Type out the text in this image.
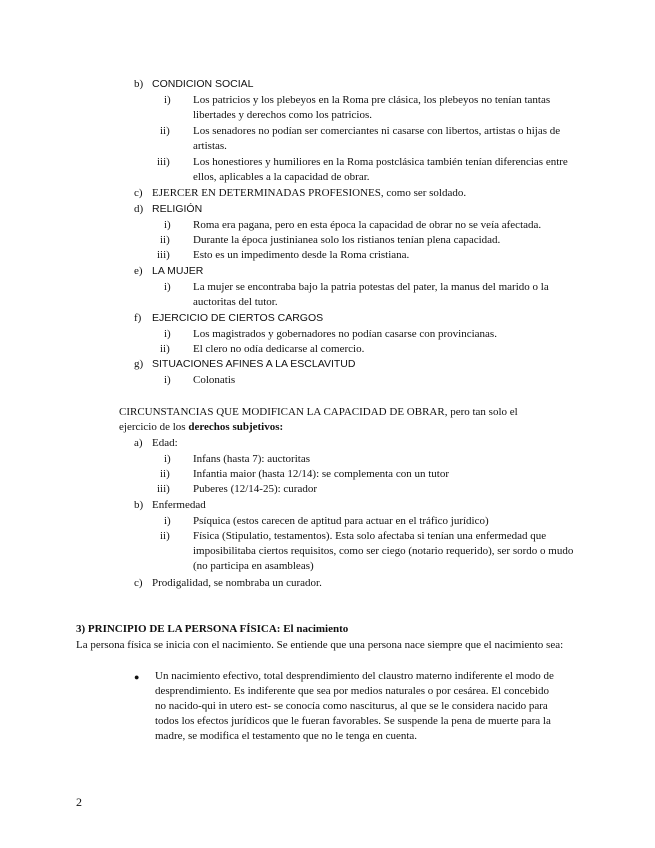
b) CONDICION SOCIAL
i) Los patricios y los plebeyos en la Roma pre clásica, los plebeyos no tenían tantas libertades y derechos como los patricios.
ii) Los senadores no podían ser comerciantes ni casarse con libertos, artistas o hijas de artistas.
iii) Los honestiores y humiliores en la Roma postclásica también tenían diferencias entre ellos, aplicables a la capacidad de obrar.
c) EJERCER EN DETERMINADAS PROFESIONES, como ser soldado.
d) RELIGIÓN
i) Roma era pagana, pero en esta época la capacidad de obrar no se veía afectada.
ii) Durante la época justinianea solo los ristianos tenían plena capacidad.
iii) Esto es un impedimento desde la Roma cristiana.
e) LA MUJER
i) La mujer se encontraba bajo la patria potestas del pater, la manus del marido o la auctoritas del tutor.
f) EJERCICIO DE CIERTOS CARGOS
i) Los magistrados y gobernadores no podían casarse con provincianas.
ii) El clero no odía dedicarse al comercio.
g) SITUACIONES AFINES A LA ESCLAVITUD
i) Colonatis
CIRCUNSTANCIAS QUE MODIFICAN LA CAPACIDAD DE OBRAR, pero tan solo el
ejercicio de los derechos subjetivos:
a) Edad:
i) Infans (hasta 7): auctoritas
ii) Infantia maior (hasta 12/14): se complementa con un tutor
iii) Puberes (12/14-25): curador
b) Enfermedad
i) Psíquica (estos carecen de aptitud para actuar en el tráfico jurídico)
ii) Física (Stipulatio, testamentos). Esta solo afectaba si tenían una enfermedad que imposibilitaba ciertos requisitos, como ser ciego (notario requerido), ser sordo o mudo (no participa en asambleas)
c) Prodigalidad, se nombraba un curador.
3) PRINCIPIO DE LA PERSONA FÍSICA: El nacimiento
La persona física se inicia con el nacimiento. Se entiende que una persona nace siempre que el nacimiento sea:
● Un nacimiento efectivo, total desprendimiento del claustro materno indiferente el modo de desprendimiento. Es indiferente que sea por medios naturales o por cesárea. El concebido no nacido-qui in utero est- se conocía como nasciturus, al que se le considera nacido para todos los efectos jurídicos que le fueran favorables. Se suspende la pena de muerte para la madre, se modifica el testamento que no le tenga en cuenta.
2
